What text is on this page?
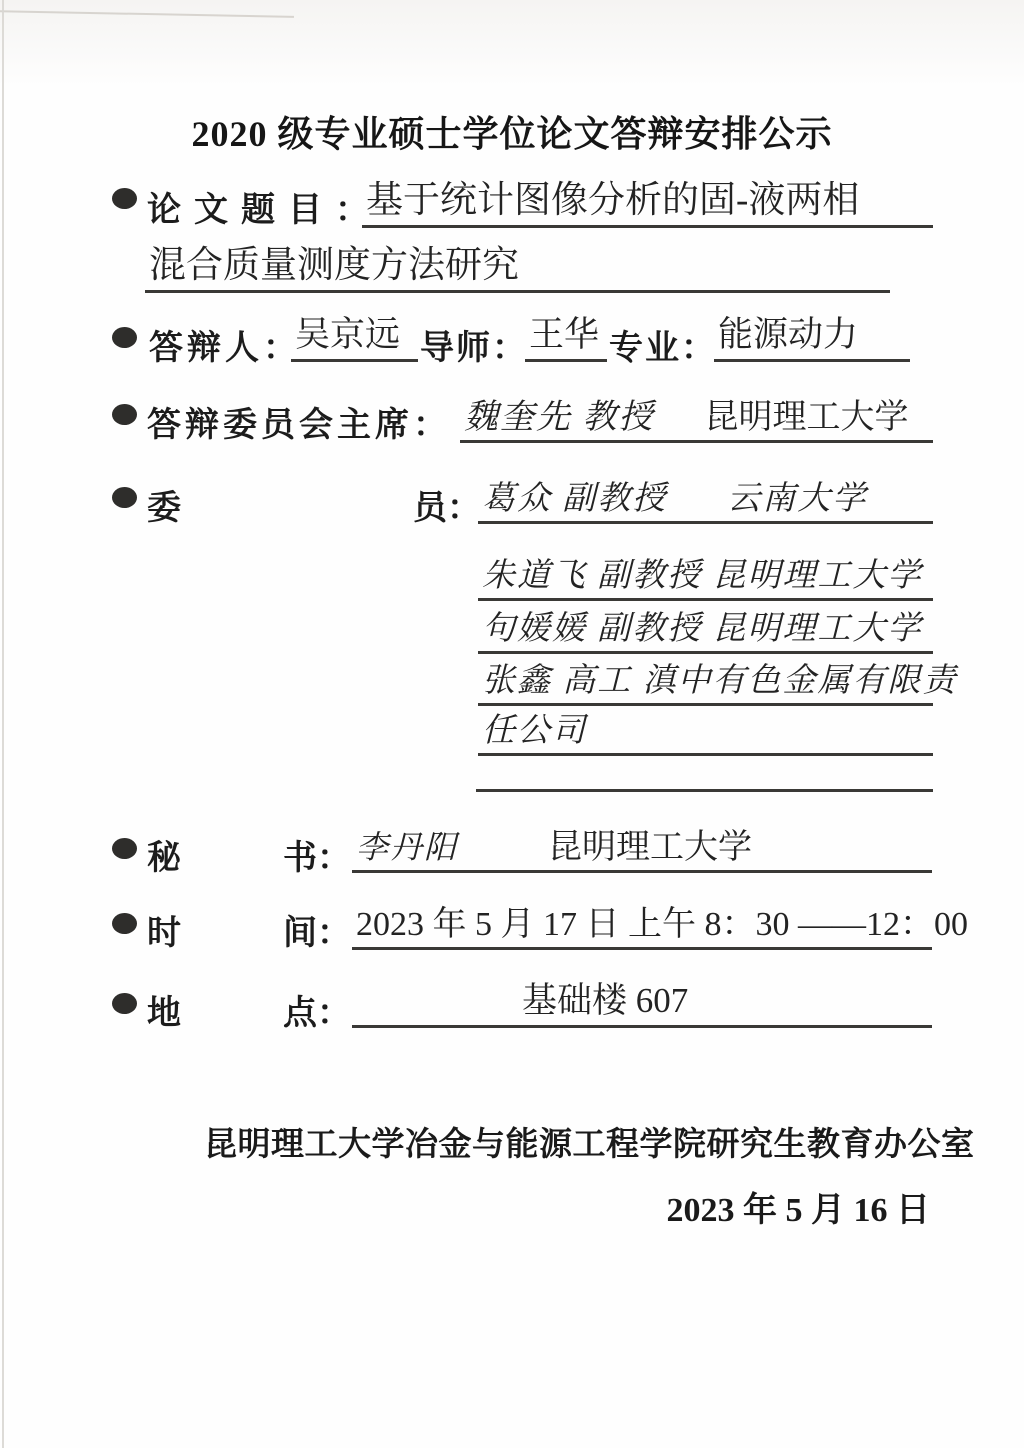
2020 级专业硕士学位论文答辩安排公示
论文题目：
基于统计图像分析的固-液两相
混合质量测度方法研究
答辩人：
吴京远 导师： 王华 专业： 能源动力
答辩委员会主席： 魏奎先 教授 昆明理工大学
委	员： 葛众 副教授 云南大学
朱道飞 副教授 昆明理工大学
句媛媛 副教授 昆明理工大学
张鑫 高工 滇中有色金属有限责
任公司
秘	书： 李丹阳	昆明理工大学
时	间： 2023 年 5 月 17 日 上午 8：30 ——12：00
地	点：	基础楼 607
昆明理工大学冶金与能源工程学院研究生教育办公室
2023 年 5 月 16 日
